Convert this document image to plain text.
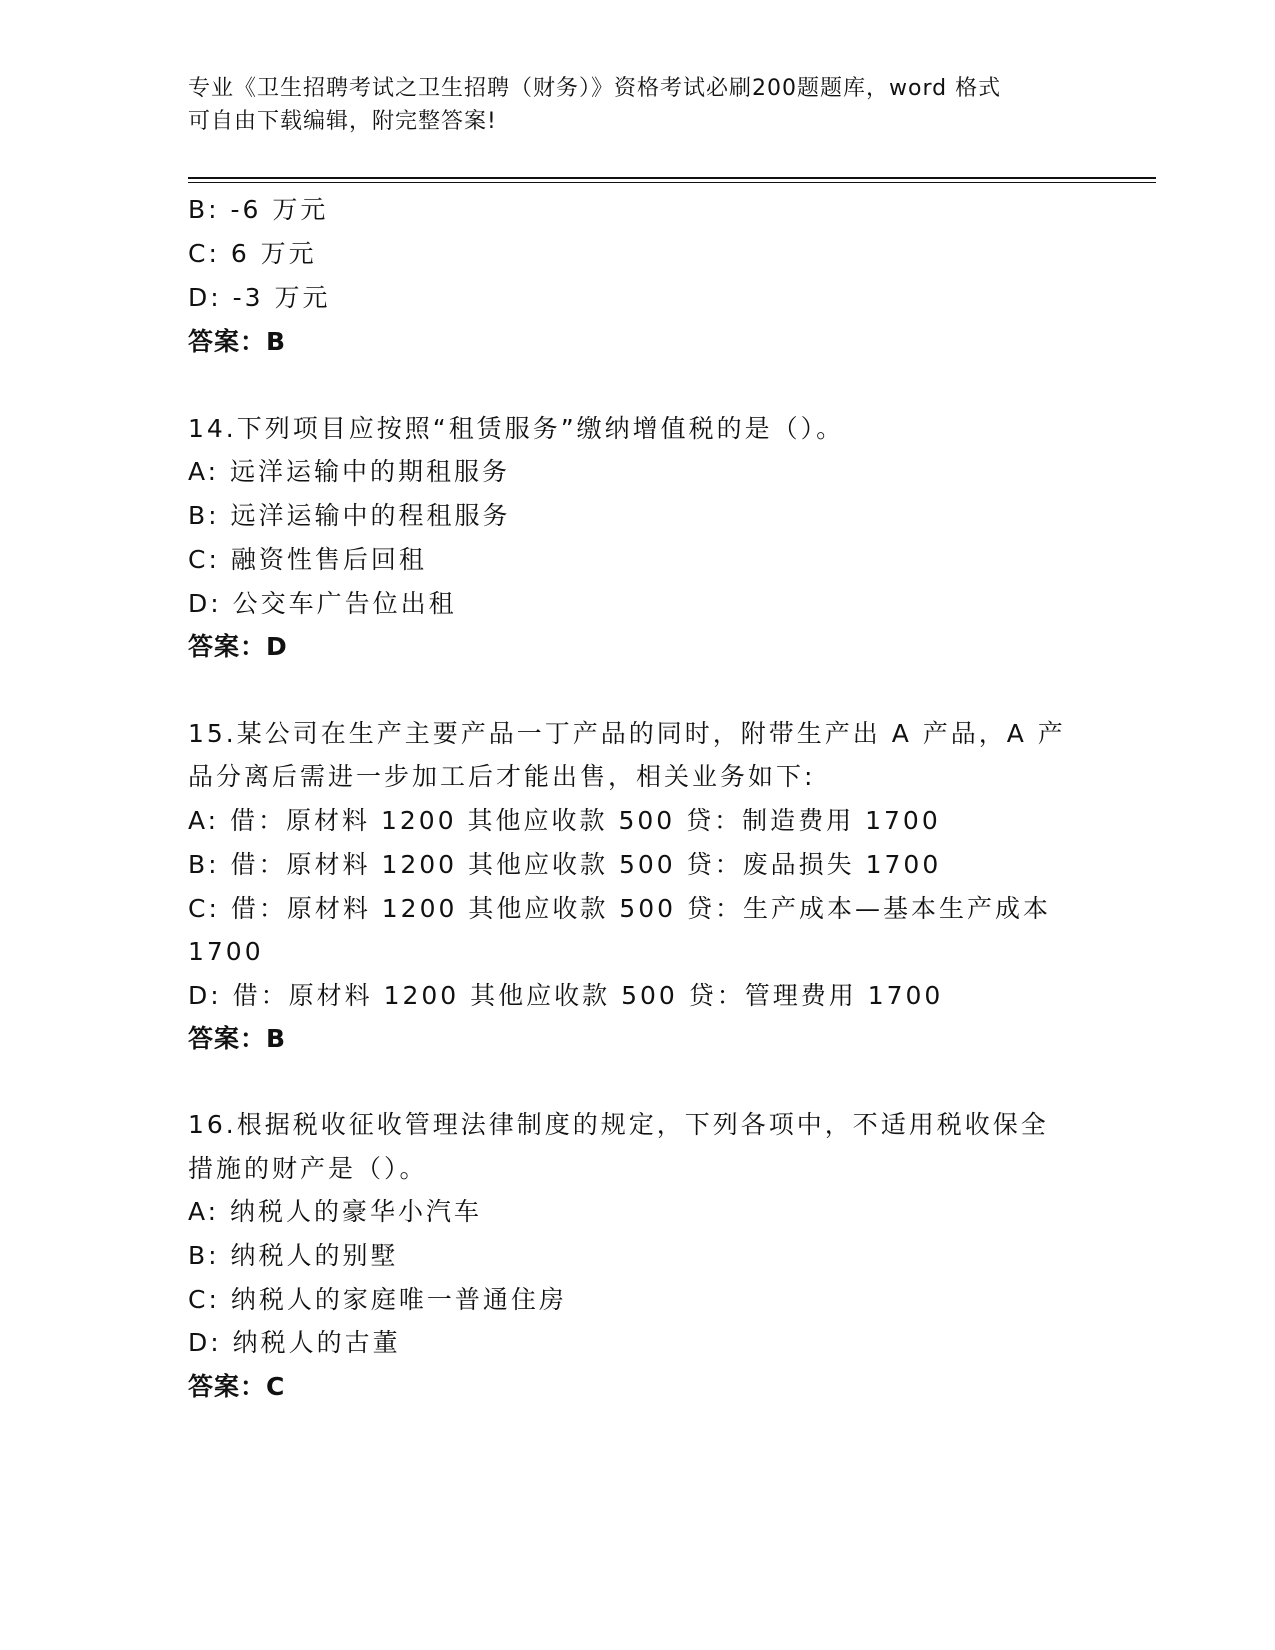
专业《卫生招聘考试之卫生招聘（财务）》资格考试必刷200题题库，word 格式
可自由下载编辑，附完整答案!
B: -6 万元
C: 6 万元
D: -3 万元
答案：B
14.下列项目应按照“租赁服务”缴纳增值税的是（）。
A: 远洋运输中的期租服务
B: 远洋运输中的程租服务
C: 融资性售后回租
D: 公交车广告位出租
答案：D
15.某公司在生产主要产品一丁产品的同时，附带生产出 A 产品，A 产
品分离后需进一步加工后才能出售，相关业务如下:
A: 借：原材料 1200 其他应收款 500 贷：制造费用 1700
B: 借：原材料 1200 其他应收款 500 贷：废品损失 1700
C: 借：原材料 1200 其他应收款 500 贷：生产成本—基本生产成本
1700
D: 借：原材料 1200 其他应收款 500 贷：管理费用 1700
答案：B
16.根据税收征收管理法律制度的规定，下列各项中，不适用税收保全
措施的财产是（）。
A: 纳税人的豪华小汽车
B: 纳税人的别墅
C: 纳税人的家庭唯一普通住房
D: 纳税人的古董
答案：C
